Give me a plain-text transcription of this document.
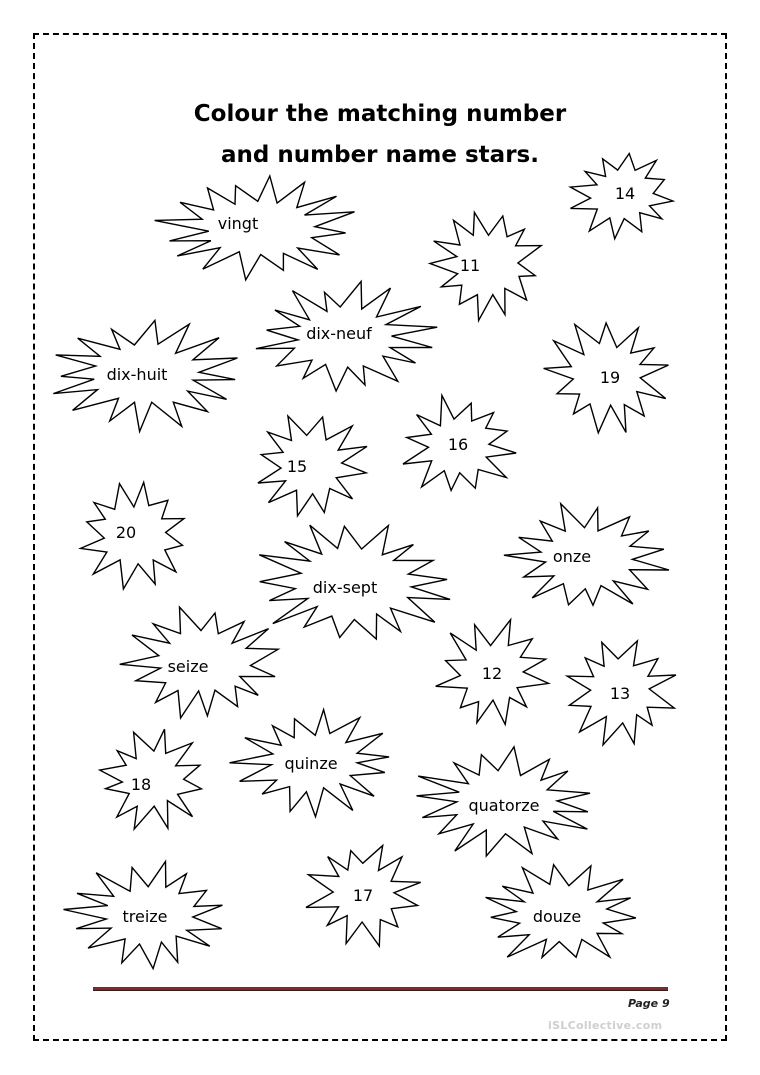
Colour the matching number
and number name stars.
vingt
14
11
dix-neuf
dix-huit	19
16
15
20
onze
dix-sept
seize	12
13
18
quinze
quatorze
treize
17
douze
Page 9
iSLCollective.com
